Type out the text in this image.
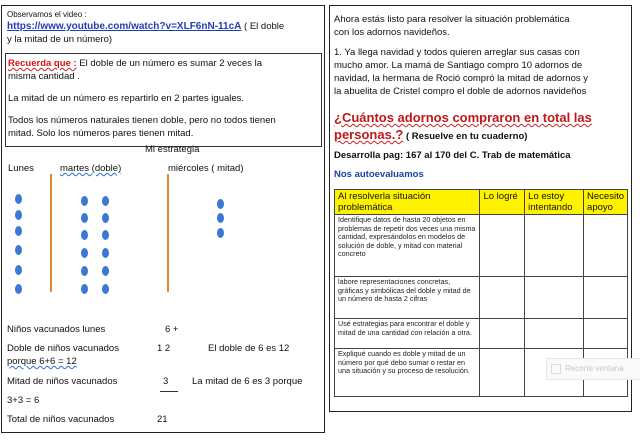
Observamos el video :
https://www.youtube.com/watch?v=XLF6nN-11cA ( El doble
y la mitad de un número)
Recuerda que : El doble de un número es sumar 2 veces la
misma cantidad .
La mitad de un número es repartirlo en 2 partes iguales.
Todos los números naturales tienen doble, pero no todos tienen
mitad. Solo los números pares tienen mitad.
Mi estrategia
Lunes	martes (doble)	miércoles ( mitad)
Niños vacunados lunes	6 +
Doble de niños vacunados	1 2	El doble de 6 es 12
porque 6+6 = 12
Mitad de niños vacunados	3 La mitad de 6 es 3 porque
3+3 = 6
Total de niños vacunados	21
Ahora estás listo para resolver la situación problemática
con los adornos navideños.
1. Ya llega navidad y todos quieren arreglar sus casas con
mucho amor. La mamá de Santiago compro 10 adornos de
navidad, la hermana de Roció compró la mitad de adornos y
la abuelita de Cristel compro el doble de adornos navideños
¿Cuántos adornos compraron en total las
personas.? ( Resuelve en tu cuaderno)
Desarrolla pag: 167 al 170 del C. Trab de matemática
Nos autoevaluamos
Al resolverla situación problemática	Lo logré	Lo estoy intentando	Necesito apoyo
Identifique datos de hasta 20 objetos en problemas de repetir dos veces una misma cantidad, expresándolos en modelos de solución de doble, y mitad con material concreto			
labore representaciones concretas, gráficas y simbólicas del doble y mitad de un número de hasta 2 cifras			
Usé estrategias para encontrar el doble y mitad de una cantidad con relación a otra.			
Expliqué cuando es doble y mitad de un número por qué debo sumar o restar en una situación y su proceso de resolución.				Recorte ventana
